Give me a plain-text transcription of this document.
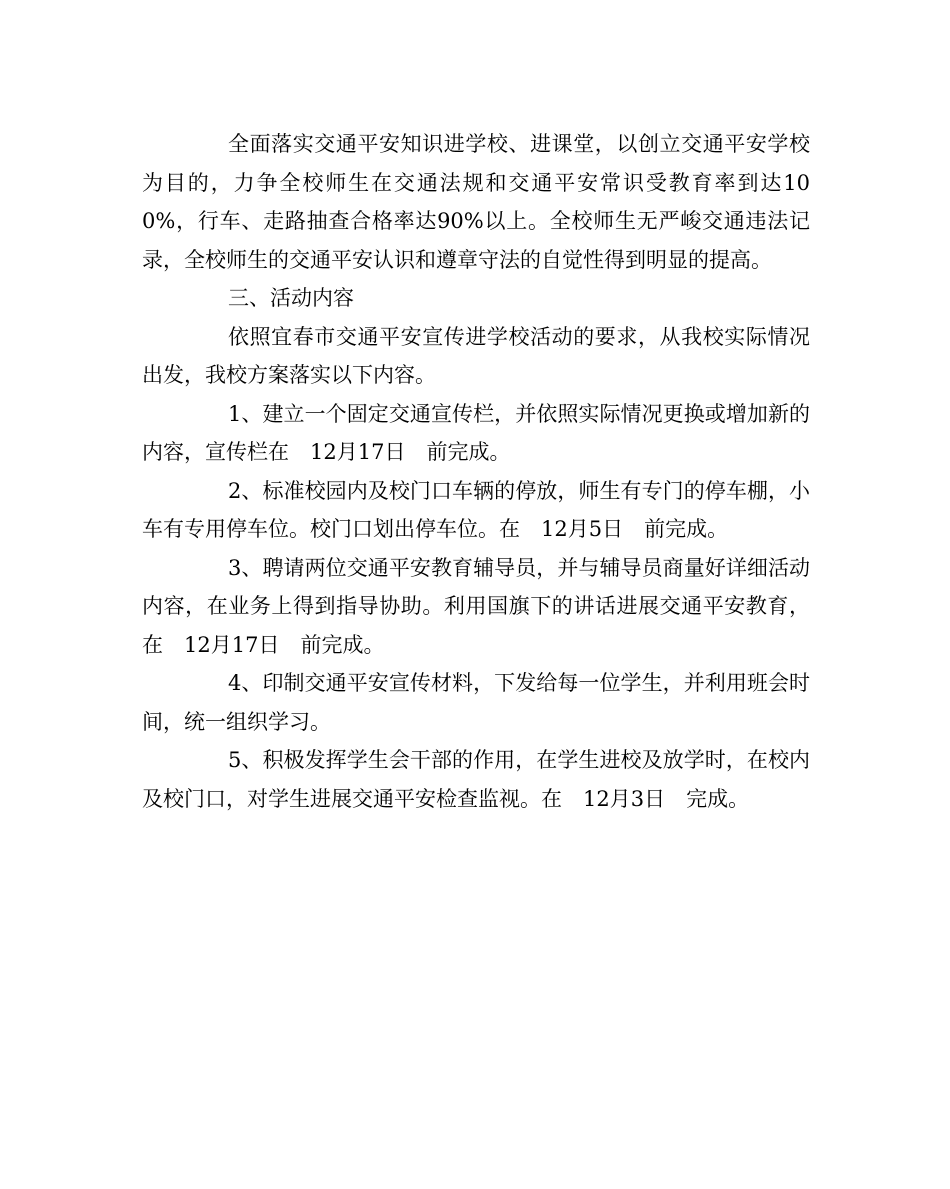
全面落实交通平安知识进学校、进课堂，以创立交通平安学校为目的，力争全校师生在交通法规和交通平安常识受教育率到达100%，行车、走路抽查合格率达90%以上。全校师生无严峻交通违法记录，全校师生的交通平安认识和遵章守法的自觉性得到明显的提高。

三、活动内容

依照宜春市交通平安宣传进学校活动的要求，从我校实际情况出发，我校方案落实以下内容。

1、建立一个固定交通宣传栏，并依照实际情况更换或增加新的内容，宣传栏在　12月17日　前完成。

2、标准校园内及校门口车辆的停放，师生有专门的停车棚，小车有专用停车位。校门口划出停车位。在　12月5日　前完成。

3、聘请两位交通平安教育辅导员，并与辅导员商量好详细活动内容，在业务上得到指导协助。利用国旗下的讲话进展交通平安教育，在　12月17日　前完成。

4、印制交通平安宣传材料，下发给每一位学生，并利用班会时间，统一组织学习。

5、积极发挥学生会干部的作用，在学生进校及放学时，在校内及校门口，对学生进展交通平安检查监视。在　12月3日　完成。
